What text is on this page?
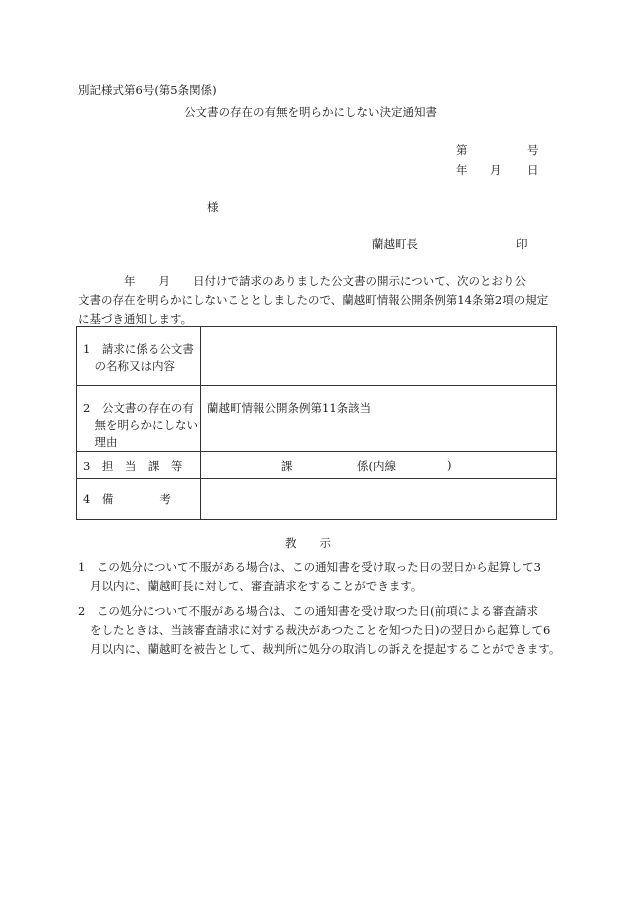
別記様式第6号(第5条関係)
公文書の存在の有無を明らかにしない決定通知書
第	号
年 月 日
様
蘭越町長	印
　　　　年　　月　　日付けで請求のありました公文書の開示について、次のとおり公
文書の存在を明らかにしないこととしましたので、蘭越町情報公開条例第14条第2項の規定
に基づき通知します。
1　請求に係る公文書
　の名称又は内容	

2　公文書の存在の有
　無を明らかにしない
　理由	蘭越町情報公開条例第11条該当

3　担　当　課　等	課 係(内線 )

4　備　　　　考	

教　　示
1　この処分について不服がある場合は、この通知書を受け取った日の翌日から起算して3
月以内に、蘭越町長に対して、審査請求をすることができます。
2　この処分について不服がある場合は、この通知書を受け取つた日(前項による審査請求
をしたときは、当該審査請求に対する裁決があつたことを知つた日)の翌日から起算して6
月以内に、蘭越町を被告として、裁判所に処分の取消しの訴えを提起することができます。
